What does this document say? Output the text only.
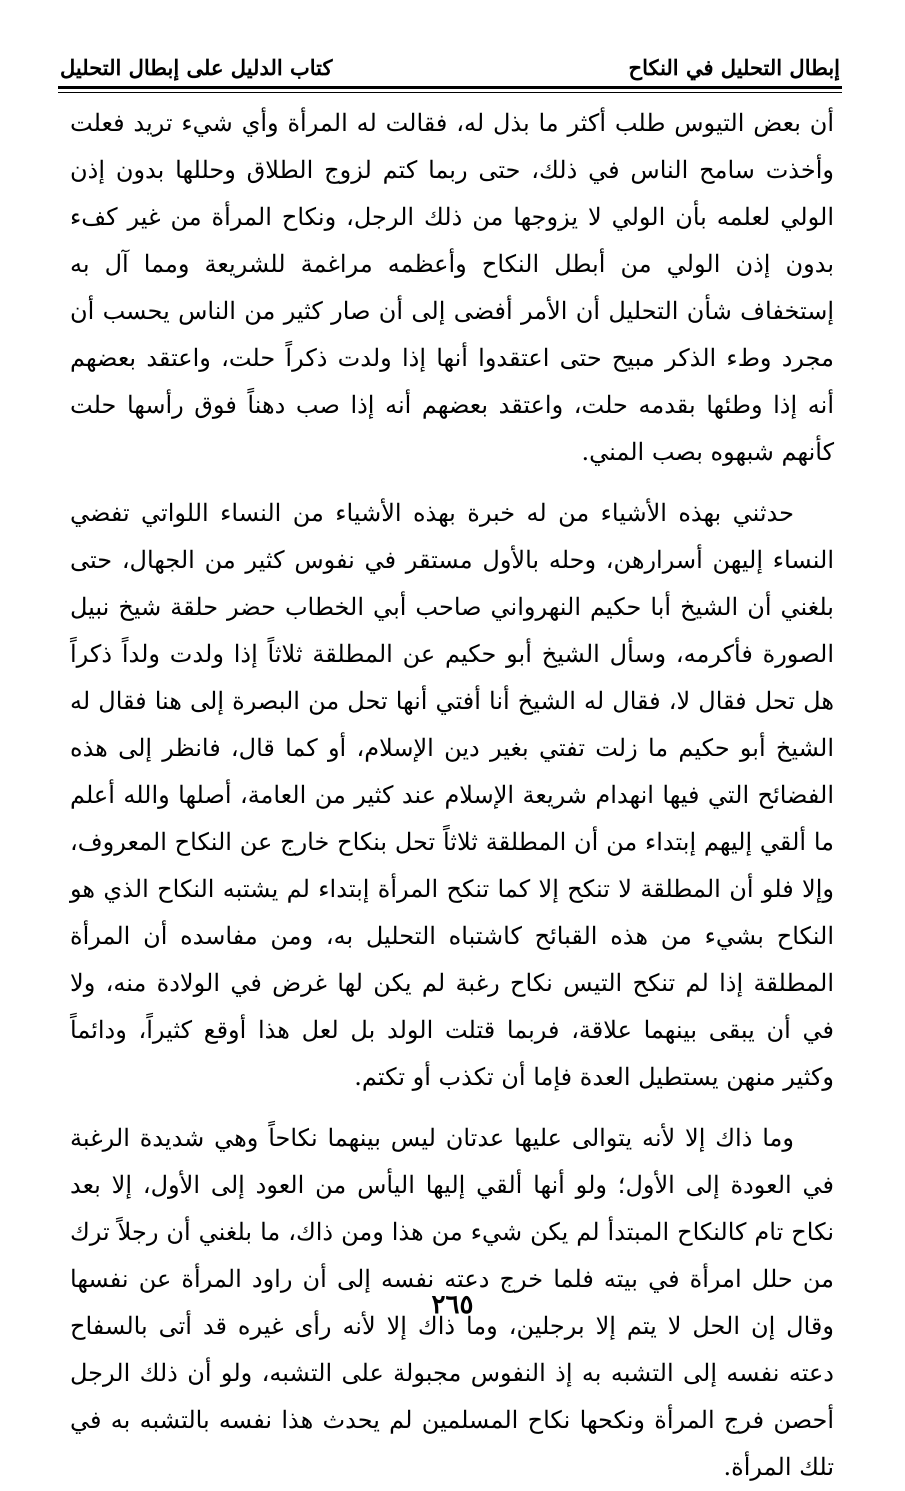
إبطال التحليل في النكاح
كتاب الدليل على إبطال التحليل

أن بعض التيوس طلب أكثر ما بذل له، فقالت له المرأة وأي شيء تريد فعلت وأخذت سامح الناس في ذلك، حتى ربما كتم لزوج الطلاق وحللها بدون إذن الولي لعلمه بأن الولي لا يزوجها من ذلك الرجل، ونكاح المرأة من غير كفء بدون إذن الولي من أبطل النكاح وأعظمه مراغمة للشريعة ومما آل به إستخفاف شأن التحليل أن الأمر أفضى إلى أن صار كثير من الناس يحسب أن مجرد وطء الذكر مبيح حتى اعتقدوا أنها إذا ولدت ذكراً حلت، واعتقد بعضهم أنه إذا وطئها بقدمه حلت، واعتقد بعضهم أنه إذا صب دهناً فوق رأسها حلت كأنهم شبهوه بصب المني.

حدثني بهذه الأشياء من له خبرة بهذه الأشياء من النساء اللواتي تفضي النساء إليهن أسرارهن، وحله بالأول مستقر في نفوس كثير من الجهال، حتى بلغني أن الشيخ أبا حكيم النهرواني صاحب أبي الخطاب حضر حلقة شيخ نبيل الصورة فأكرمه، وسأل الشيخ أبو حكيم عن المطلقة ثلاثاً إذا ولدت ولداً ذكراً هل تحل فقال لا، فقال له الشيخ أنا أفتي أنها تحل من البصرة إلى هنا فقال له الشيخ أبو حكيم ما زلت تفتي بغير دين الإسلام، أو كما قال، فانظر إلى هذه الفضائح التي فيها انهدام شريعة الإسلام عند كثير من العامة، أصلها والله أعلم ما ألقي إليهم إبتداء من أن المطلقة ثلاثاً تحل بنكاح خارج عن النكاح المعروف، وإلا فلو أن المطلقة لا تنكح إلا كما تنكح المرأة إبتداء لم يشتبه النكاح الذي هو النكاح بشيء من هذه القبائح كاشتباه التحليل به، ومن مفاسده أن المرأة المطلقة إذا لم تنكح التيس نكاح رغبة لم يكن لها غرض في الولادة منه، ولا في أن يبقى بينهما علاقة، فربما قتلت الولد بل لعل هذا أوقع كثيراً، ودائماً وكثير منهن يستطيل العدة فإما أن تكذب أو تكتم.

وما ذاك إلا لأنه يتوالى عليها عدتان ليس بينهما نكاحاً وهي شديدة الرغبة في العودة إلى الأول؛ ولو أنها ألقي إليها اليأس من العود إلى الأول، إلا بعد نكاح تام كالنكاح المبتدأ لم يكن شيء من هذا ومن ذاك، ما بلغني أن رجلاً ترك من حلل امرأة في بيته فلما خرج دعته نفسه إلى أن راود المرأة عن نفسها وقال إن الحل لا يتم إلا برجلين، وما ذاك إلا لأنه رأى غيره قد أتى بالسفاح دعته نفسه إلى التشبه به إذ النفوس مجبولة على التشبه، ولو أن ذلك الرجل أحصن فرج المرأة ونكحها نكاح المسلمين لم يحدث هذا نفسه بالتشبه به في تلك المرأة.

٢٦٥
